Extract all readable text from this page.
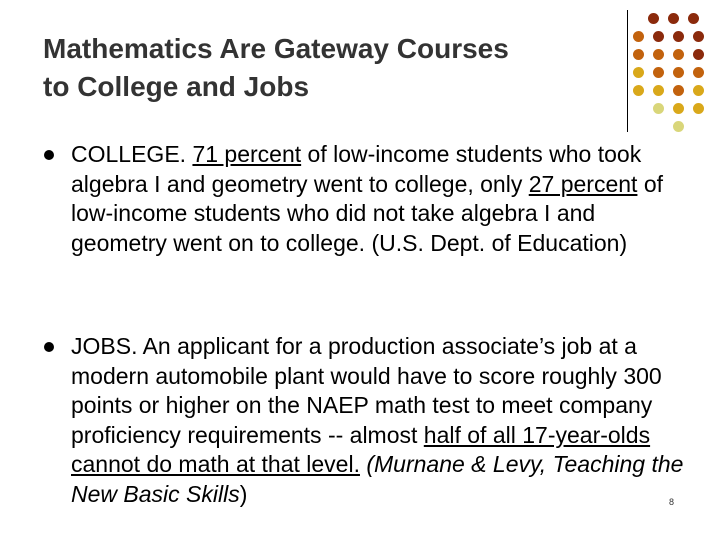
Mathematics Are Gateway Courses
to College and Jobs
COLLEGE. 71 percent of low-income students who took algebra I and geometry went to college, only 27 percent of low-income students who did not take algebra I and geometry went on to college. (U.S. Dept. of Education)
JOBS. An applicant for a production associate’s job at a modern automobile plant would have to score roughly 300 points or higher on the NAEP math test to meet company proficiency requirements -- almost half of all 17-year-olds cannot do math at that level. (Murnane & Levy, Teaching the New Basic Skills)	8
